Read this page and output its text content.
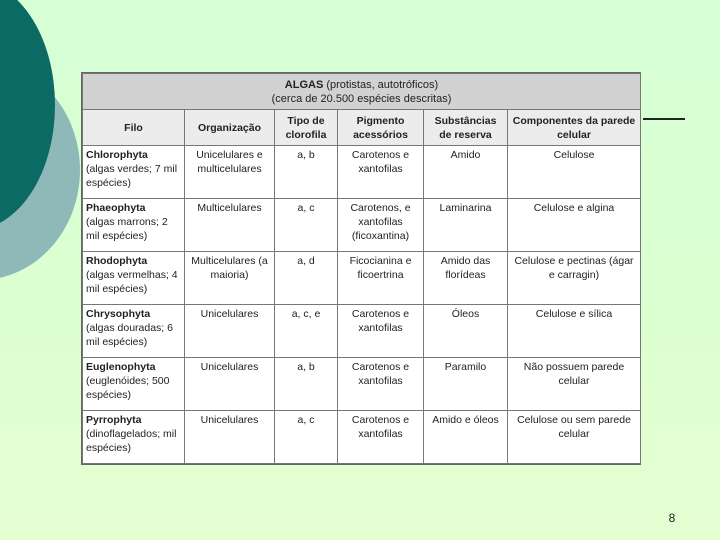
ALGAS (protistas, autotróficos)
(cerca de 20.500 espécies descritas)					
Filo	Organização	Tipo de clorofila	Pigmento acessórios	Substâncias de reserva	Componentes da parede celular
Chlorophyta
(algas verdes; 7 mil espécies)	Unicelulares e multicelulares	a, b	Carotenos e xantofilas	Amido	Celulose
Phaeophyta
(algas marrons; 2 mil espécies)	Multicelulares	a, c	Carotenos, e xantofilas (ficoxantina)	Laminarina	Celulose e algina
Rhodophyta
(algas vermelhas; 4 mil espécies)	Multicelulares (a maioria)	a, d	Ficocianina e ficoertrina	Amido das florídeas	Celulose e pectinas (ágar e carragin)
Chrysophyta
(algas douradas; 6 mil espécies)	Unicelulares	a, c, e	Carotenos e xantofilas	Óleos	Celulose e sílica
Euglenophyta
(euglenóides; 500 espécies)	Unicelulares	a, b	Carotenos e xantofilas	Paramilo	Não possuem parede celular
Pyrrophyta
(dinoflagelados; mil espécies)	Unicelulares	a, c	Carotenos e xantofilas	Amido e óleos	Celulose ou sem parede celular
8
